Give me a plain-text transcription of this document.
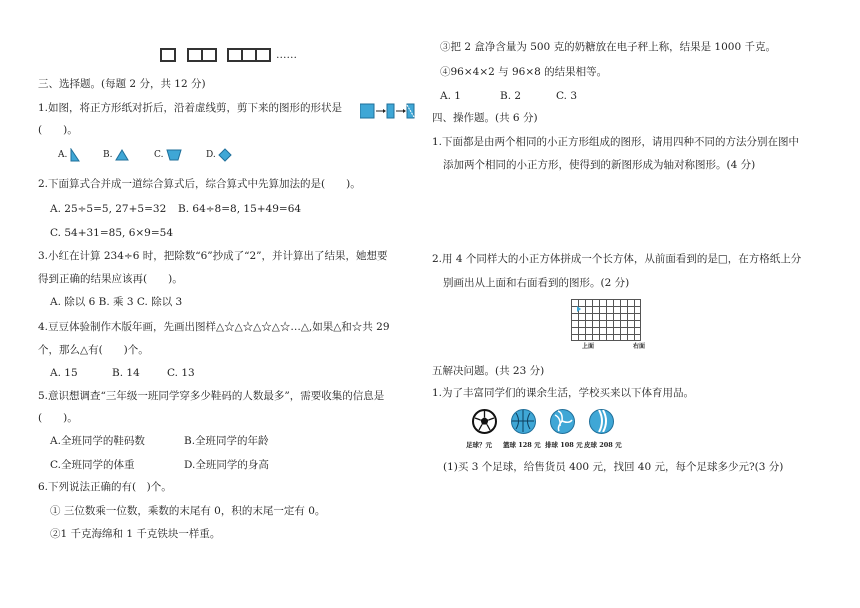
……
三、选择题。(每题 2 分，共 12 分)
1.如图，将正方形纸对折后，沿着虚线剪，剪下来的图形的形状是
(　　)。
A.	B.	C.	D.
2.下面算式合并成一道综合算式后，综合算式中先算加法的是(　　)。
A. 25÷5=5, 27+5=32 B. 64÷8=8, 15+49=64
C. 54+31=85, 6×9=54
3.小红在计算 234÷6 时，把除数“6”抄成了“2”，并计算出了结果，她想要
得到正确的结果应该再(　　)。
A. 除以 6 B. 乘 3 C. 除以 3
4.豆豆体验制作木版年画，先画出图样△☆△☆△☆△☆…△,如果△和☆共 29
个，那么△有(　　)个。
A. 15	B. 14	C. 13
5.意识想调查“三年级一班同学穿多少鞋码的人数最多”，需要收集的信息是
(　　)。
A.全班同学的鞋码数	B.全班同学的年龄
C.全班同学的体重	D.全班同学的身高
6.下列说法正确的有(　)个。
① 三位数乘一位数，乘数的末尾有 0，积的末尾一定有 0。
②1 千克海绵和 1 千克铁块一样重。
③把 2 盒净含量为 500 克的奶糖放在电子秤上称，结果是 1000 千克。
④96×4×2 与 96×8 的结果相等。
A. 1	B. 2	C. 3
四、操作题。(共 6 分)
1.下面都是由两个相同的小正方形组成的图形，请用四种不同的方法分别在图中
添加两个相同的小正方形，使得到的新图形成为轴对称图形。(4 分)
2.用 4 个同样大的小正方体拼成一个长方体，从前面看到的是□，在方格纸上分
别画出从上面和右面看到的图形。(2 分)
上面	右面
五解决问题。(共 23 分)
1.为了丰富同学们的课余生活，学校买来以下体育用品。
足球？元 篮球 128 元 排球 108 元 皮球 208 元
(1)买 3 个足球，给售货员 400 元，找回 40 元，每个足球多少元?(3 分)
